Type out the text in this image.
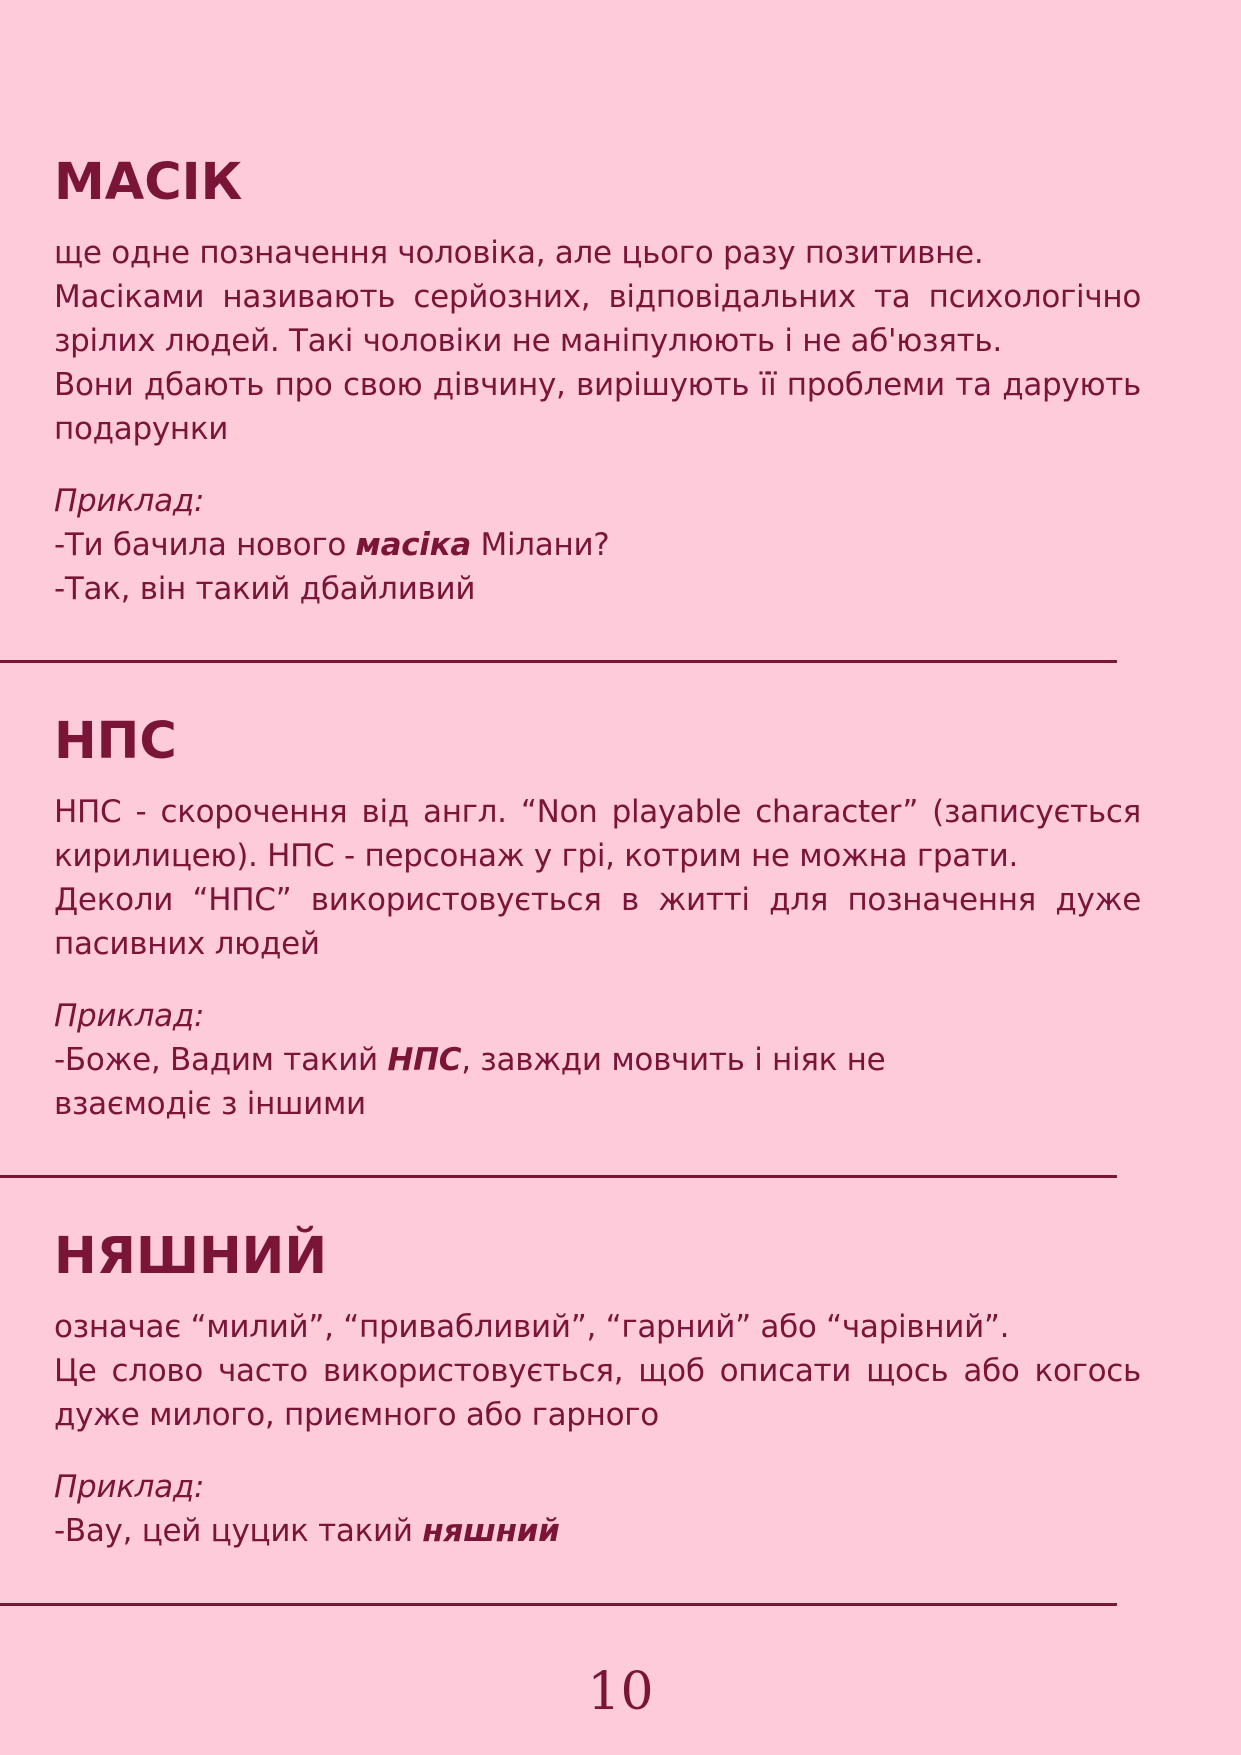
МАСІК

ще одне позначення чоловіка, але цього разу позитивне.

Масіками називають серйозних, відповідальних та психологічно зрілих людей. Такі чоловіки не маніпулюють і не аб'юзять.

Вони дбають про свою дівчину, вирішують її проблеми та дарують подарунки

Приклад:

-Ти бачила нового масіка Мілани?

-Так, він такий дбайливий

НПС

НПС - скорочення від англ. “Non playable character” (записується кирилицею). НПС - персонаж у грі, котрим не можна грати.

Деколи “НПС” використовується в житті для позначення дуже пасивних людей

Приклад:

-Боже, Вадим такий НПС, завжди мовчить і ніяк не

взаємодіє з іншими

НЯШНИЙ

означає “милий”, “привабливий”, “гарний” або “чарівний”.

Це слово часто використовується, щоб описати щось або когось дуже милого, приємного або гарного

Приклад:

-Вау, цей цуцик такий няшний

10
